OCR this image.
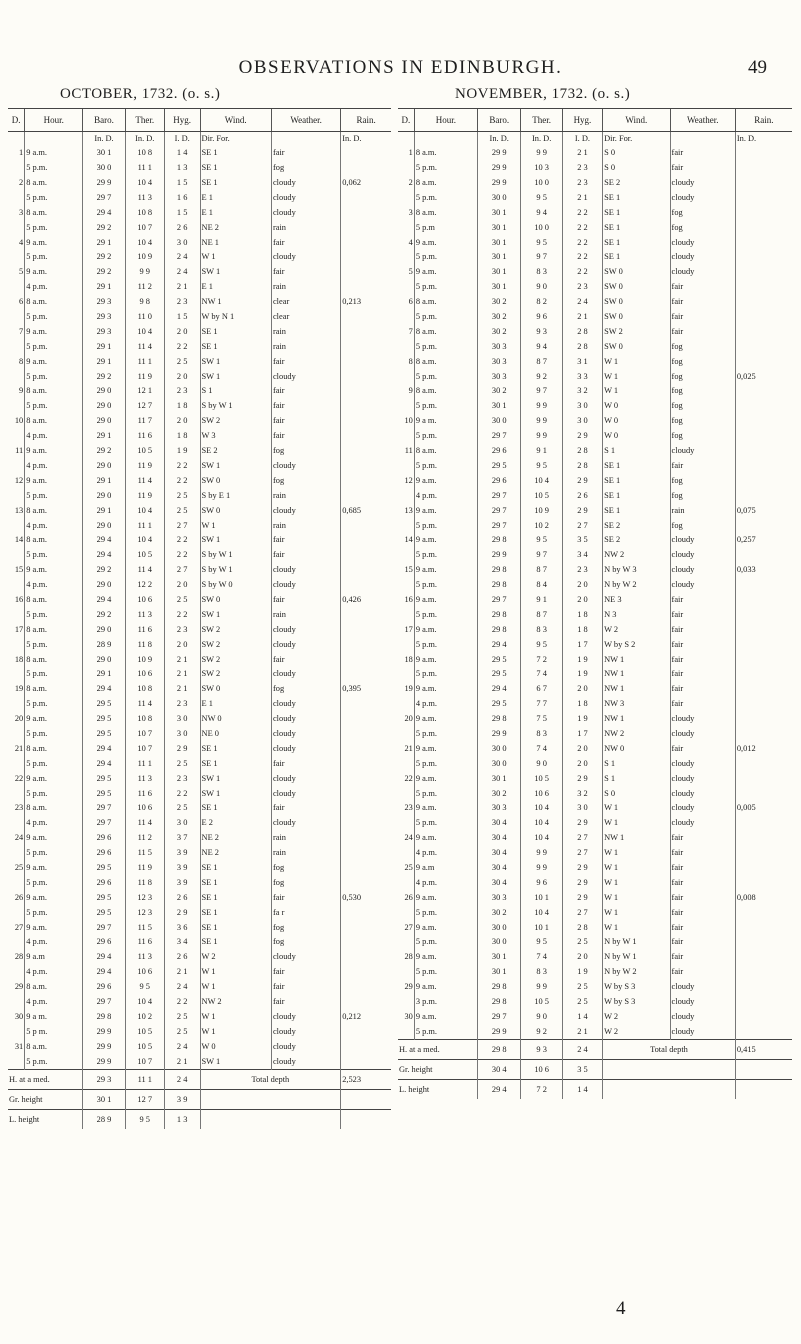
OBSERVATIONS IN EDINBURGH.	49
OCTOBER, 1732. (o. s.)	NOVEMBER, 1732. (o. s.)
D.	Hour.	Baro.	Ther.	Hyg.	Wind.	Weather.	Rain.
		In. D.	In. D.	I. D.	Dir. For.		In. D.
1	9 a.m.	30 1	10 8	1 4	SE 1	fair	
	5 p.m.	30 0	11 1	1 3	SE 1	fog	
2	8 a.m.	29 9	10 4	1 5	SE 1	cloudy	0,062
	5 p.m.	29 7	11 3	1 6	E 1	cloudy	
3	8 a.m.	29 4	10 8	1 5	E 1	cloudy	
	5 p.m.	29 2	10 7	2 6	NE 2	rain	
4	9 a.m.	29 1	10 4	3 0	NE 1	fair	
	5 p.m.	29 2	10 9	2 4	W 1	cloudy	
5	9 a.m.	29 2	9 9	2 4	SW 1	fair	
	4 p.m.	29 1	11 2	2 1	E 1	rain	
6	8 a.m.	29 3	9 8	2 3	NW 1	clear	0,213
	5 p.m.	29 3	11 0	1 5	W by N 1	clear	
7	9 a.m.	29 3	10 4	2 0	SE 1	rain	
	5 p.m.	29 1	11 4	2 2	SE 1	rain	
8	9 a.m.	29 1	11 1	2 5	SW 1	fair	
	5 p.m.	29 2	11 9	2 0	SW 1	cloudy	
9	8 a.m.	29 0	12 1	2 3	S 1	fair	
	5 p.m.	29 0	12 7	1 8	S by W 1	fair	
10	8 a.m.	29 0	11 7	2 0	SW 2	fair	
	4 p.m.	29 1	11 6	1 8	W 3	fair	
11	9 a.m.	29 2	10 5	1 9	SE 2	fog	
	4 p.m.	29 0	11 9	2 2	SW 1	cloudy	
12	9 a.m.	29 1	11 4	2 2	SW 0	fog	
	5 p.m.	29 0	11 9	2 5	S by E 1	rain	
13	8 a.m.	29 1	10 4	2 5	SW 0	cloudy	0,685
	4 p.m.	29 0	11 1	2 7	W 1	rain	
14	8 a.m.	29 4	10 4	2 2	SW 1	fair	
	5 p.m.	29 4	10 5	2 2	S by W 1	fair	
15	9 a.m.	29 2	11 4	2 7	S by W 1	cloudy	
	4 p.m.	29 0	12 2	2 0	S by W 0	cloudy	
16	8 a.m.	29 4	10 6	2 5	SW 0	fair	0,426
	5 p.m.	29 2	11 3	2 2	SW 1	rain	
17	8 a.m.	29 0	11 6	2 3	SW 2	cloudy	
	5 p.m.	28 9	11 8	2 0	SW 2	cloudy	
18	8 a.m.	29 0	10 9	2 1	SW 2	fair	
	5 p.m.	29 1	10 6	2 1	SW 2	cloudy	
19	8 a.m.	29 4	10 8	2 1	SW 0	fog	0,395
	5 p.m.	29 5	11 4	2 3	E 1	cloudy	
20	9 a.m.	29 5	10 8	3 0	NW 0	cloudy	
	5 p.m.	29 5	10 7	3 0	NE 0	cloudy	
21	8 a.m.	29 4	10 7	2 9	SE 1	cloudy	
	5 p.m.	29 4	11 1	2 5	SE 1	fair	
22	9 a.m.	29 5	11 3	2 3	SW 1	cloudy	
	5 p.m.	29 5	11 6	2 2	SW 1	cloudy	
23	8 a.m.	29 7	10 6	2 5	SE 1	fair	
	4 p.m.	29 7	11 4	3 0	E 2	cloudy	
24	9 a.m.	29 6	11 2	3 7	NE 2	rain	
	5 p.m.	29 6	11 5	3 9	NE 2	rain	
25	9 a.m.	29 5	11 9	3 9	SE 1	fog	
	5 p.m.	29 6	11 8	3 9	SE 1	fog	
26	9 a.m.	29 5	12 3	2 6	SE 1	fair	0,530
	5 p.m.	29 5	12 3	2 9	SE 1	fa r	
27	9 a.m.	29 7	11 5	3 6	SE 1	fog	
	4 p.m.	29 6	11 6	3 4	SE 1	fog	
28	9 a.m	29 4	11 3	2 6	W 2	cloudy	
	4 p.m.	29 4	10 6	2 1	W 1	fair	
29	8 a.m.	29 6	9 5	2 4	W 1	fair	
	4 p.m.	29 7	10 4	2 2	NW 2	fair	
30	9 a m.	29 8	10 2	2 5	W 1	cloudy	0,212
	5 p m.	29 9	10 5	2 5	W 1	cloudy	
31	8 a.m.	29 9	10 5	2 4	W 0	cloudy	
	5 p.m.	29 9	10 7	2 1	SW 1	cloudy	
H. at a med.		29 3	11 1	2 4	Total depth		2,523
Gr. height		30 1	12 7	3 9			
L. height		28 9	9 5	1 3			
D.	Hour.	Baro.	Ther.	Hyg.	Wind.	Weather.	Rain.
		In. D.	In. D.	I. D.	Dir. For.		In. D.
1	8 a.m.	29 9	9 9	2 1	S 0	fair	
	5 p.m.	29 9	10 3	2 3	S 0	fair	
2	8 a.m.	29 9	10 0	2 3	SE 2	cloudy	
	5 p.m.	30 0	9 5	2 1	SE 1	cloudy	
3	8 a.m.	30 1	9 4	2 2	SE 1	fog	
	5 p.m	30 1	10 0	2 2	SE 1	fog	
4	9 a.m.	30 1	9 5	2 2	SE 1	cloudy	
	5 p.m.	30 1	9 7	2 2	SE 1	cloudy	
5	9 a.m.	30 1	8 3	2 2	SW 0	cloudy	
	5 p.m.	30 1	9 0	2 3	SW 0	fair	
6	8 a.m.	30 2	8 2	2 4	SW 0	fair	
	5 p.m.	30 2	9 6	2 1	SW 0	fair	
7	8 a.m.	30 2	9 3	2 8	SW 2	fair	
	5 p.m.	30 3	9 4	2 8	SW 0	fog	
8	8 a.m.	30 3	8 7	3 1	W 1	fog	
	5 p.m.	30 3	9 2	3 3	W 1	fog	0,025
9	8 a.m.	30 2	9 7	3 2	W 1	fog	
	5 p.m.	30 1	9 9	3 0	W 0	fog	
10	9 a m.	30 0	9 9	3 0	W 0	fog	
	5 p.m.	29 7	9 9	2 9	W 0	fog	
11	8 a.m.	29 6	9 1	2 8	S 1	cloudy	
	5 p.m.	29 5	9 5	2 8	SE 1	fair	
12	9 a.m.	29 6	10 4	2 9	SE 1	fog	
	4 p.m.	29 7	10 5	2 6	SE 1	fog	
13	9 a.m.	29 7	10 9	2 9	SE 1	rain	0,075
	5 p.m.	29 7	10 2	2 7	SE 2	fog	
14	9 a.m.	29 8	9 5	3 5	SE 2	cloudy	0,257
	5 p.m.	29 9	9 7	3 4	NW 2	cloudy	
15	9 a.m.	29 8	8 7	2 3	N by W 3	cloudy	0,033
	5 p.m.	29 8	8 4	2 0	N by W 2	cloudy	
16	9 a.m.	29 7	9 1	2 0	NE 3	fair	
	5 p.m.	29 8	8 7	1 8	N 3	fair	
17	9 a.m.	29 8	8 3	1 8	W 2	fair	
	5 p.m.	29 4	9 5	1 7	W by S 2	fair	
18	9 a.m.	29 5	7 2	1 9	NW 1	fair	
	5 p.m.	29 5	7 4	1 9	NW 1	fair	
19	9 a.m.	29 4	6 7	2 0	NW 1	fair	
	4 p.m.	29 5	7 7	1 8	NW 3	fair	
20	9 a.m.	29 8	7 5	1 9	NW 1	cloudy	
	5 p.m.	29 9	8 3	1 7	NW 2	cloudy	
21	9 a.m.	30 0	7 4	2 0	NW 0	fair	0,012
	5 p.m.	30 0	9 0	2 0	S 1	cloudy	
22	9 a.m.	30 1	10 5	2 9	S 1	cloudy	
	5 p.m.	30 2	10 6	3 2	S 0	cloudy	
23	9 a.m.	30 3	10 4	3 0	W 1	cloudy	0,005
	5 p.m.	30 4	10 4	2 9	W 1	cloudy	
24	9 a.m.	30 4	10 4	2 7	NW 1	fair	
	4 p.m.	30 4	9 9	2 7	W 1	fair	
25	9 a.m	30 4	9 9	2 9	W 1	fair	
	4 p.m.	30 4	9 6	2 9	W 1	fair	
26	9 a.m.	30 3	10 1	2 9	W 1	fair	0,008
	5 p.m.	30 2	10 4	2 7	W 1	fair	
27	9 a.m.	30 0	10 1	2 8	W 1	fair	
	5 p.m.	30 0	9 5	2 5	N by W 1	fair	
28	9 a.m.	30 1	7 4	2 0	N by W 1	fair	
	5 p.m.	30 1	8 3	1 9	N by W 2	fair	
29	9 a.m.	29 8	9 9	2 5	W by S 3	cloudy	
	3 p.m.	29 8	10 5	2 5	W by S 3	cloudy	
30	9 a.m.	29 7	9 0	1 4	W 2	cloudy	
	5 p.m.	29 9	9 2	2 1	W 2	cloudy	
H. at a med.		29 8	9 3	2 4	Total depth		0,415
Gr. height		30 4	10 6	3 5			
L. height		29 4	7 2	1 4			
4
